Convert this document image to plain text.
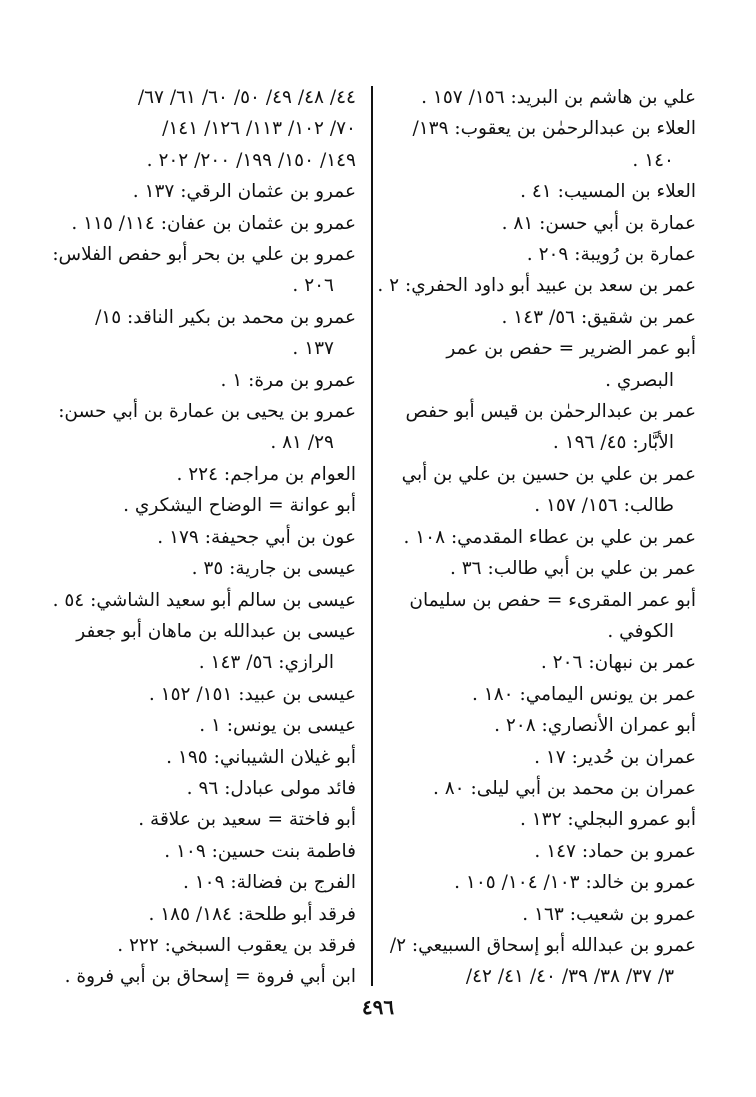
علي بن هاشم بن البريد: ١٥٦/ ١٥٧ .
العلاء بن عبدالرحمٰن بن يعقوب: ١٣٩/
١٤٠ .
العلاء بن المسيب: ٤١ .
عمارة بن أبي حسن: ٨١ .
عمارة بن رُويبة: ٢٠٩ .
عمر بن سعد بن عبيد أبو داود الحفري: ٢ .
عمر بن شقيق: ٥٦/ ١٤٣ .
أبو عمر الضرير = حفص بن عمر
البصري .
عمر بن عبدالرحمٰن بن قيس أبو حفص
الأبَّار: ٤٥/ ١٩٦ .
عمر بن علي بن حسين بن علي بن أبي
طالب: ١٥٦/ ١٥٧ .
عمر بن علي بن عطاء المقدمي: ١٠٨ .
عمر بن علي بن أبي طالب: ٣٦ .
أبو عمر المقرىء = حفص بن سليمان
الكوفي .
عمر بن نبهان: ٢٠٦ .
عمر بن يونس اليمامي: ١٨٠ .
أبو عمران الأنصاري: ٢٠٨ .
عمران بن حُدير: ١٧ .
عمران بن محمد بن أبي ليلى: ٨٠ .
أبو عمرو البجلي: ١٣٢ .
عمرو بن حماد: ١٤٧ .
عمرو بن خالد: ١٠٣/ ١٠٤/ ١٠٥ .
عمرو بن شعيب: ١٦٣ .
عمرو بن عبدالله أبو إسحاق السبيعي: ٢/
٣/ ٣٧/ ٣٨/ ٣٩/ ٤٠/ ٤١/ ٤٢/
٤٤/ ٤٨/ ٤٩/ ٥٠/ ٦٠/ ٦١/ ٦٧/
٧٠/ ١٠٢/ ١١٣/ ١٢٦/ ١٤١/
١٤٩/ ١٥٠/ ١٩٩/ ٢٠٠/ ٢٠٢ .
عمرو بن عثمان الرقي: ١٣٧ .
عمرو بن عثمان بن عفان: ١١٤/ ١١٥ .
عمرو بن علي بن بحر أبو حفص الفلاس:
٢٠٦ .
عمرو بن محمد بن بكير الناقد: ١٥/
١٣٧ .
عمرو بن مرة: ١ .
عمرو بن يحيى بن عمارة بن أبي حسن:
٢٩/ ٨١ .
العوام بن مراجم: ٢٢٤ .
أبو عوانة = الوضاح اليشكري .
عون بن أبي جحيفة: ١٧٩ .
عيسى بن جارية: ٣٥ .
عيسى بن سالم أبو سعيد الشاشي: ٥٤ .
عيسى بن عبدالله بن ماهان أبو جعفر
الرازي: ٥٦/ ١٤٣ .
عيسى بن عبيد: ١٥١/ ١٥٢ .
عيسى بن يونس: ١ .
أبو غيلان الشيباني: ١٩٥ .
فائد مولى عبادل: ٩٦ .
أبو فاختة = سعيد بن علاقة .
فاطمة بنت حسين: ١٠٩ .
الفرج بن فضالة: ١٠٩ .
فرقد أبو طلحة: ١٨٤/ ١٨٥ .
فرقد بن يعقوب السبخي: ٢٢٢ .
ابن أبي فروة = إسحاق بن أبي فروة .
٤٩٦
